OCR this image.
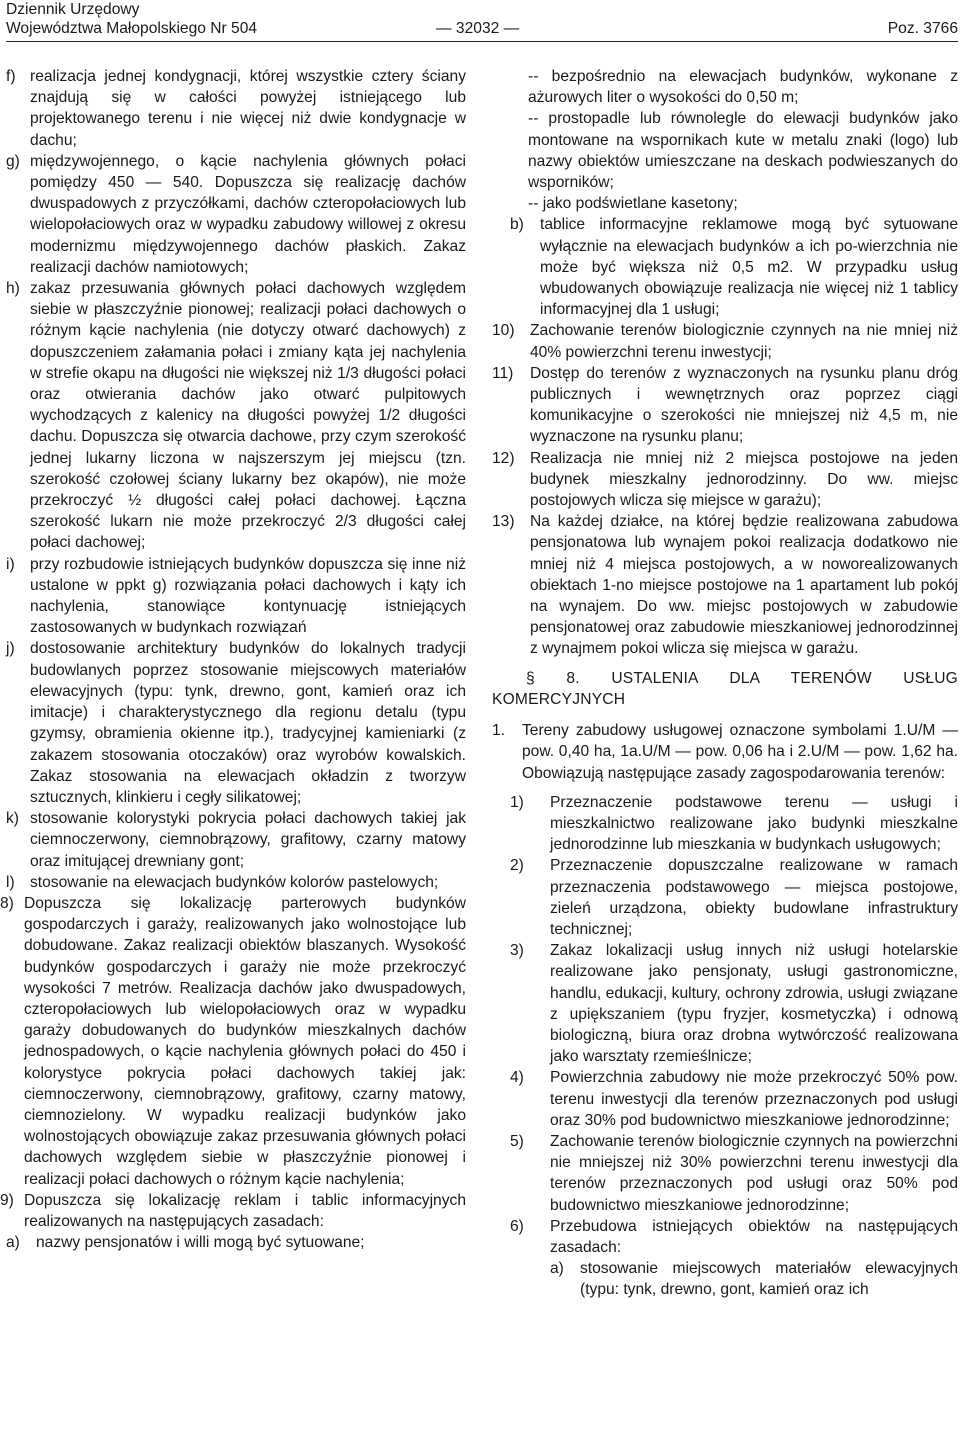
Dziennik Urzędowy
Województwa Małopolskiego Nr 504	— 32032 —	Poz. 3766
f) realizacja jednej kondygnacji, której wszystkie cztery ściany znajdują się w całości powyżej istniejącego lub projektowanego terenu i nie więcej niż dwie kondygnacje w dachu;
g) międzywojennego, o kącie nachylenia głównych połaci pomiędzy 450 — 540. Dopuszcza się realizację dachów dwuspadowych z przyczółkami, dachów czteropołaciowych lub wielopołaciowych oraz w wypadku zabudowy willowej z okresu modernizmu międzywojennego dachów płaskich. Zakaz realizacji dachów namiotowych;
h) zakaz przesuwania głównych połaci dachowych względem siebie w płaszczyźnie pionowej; realizacji połaci dachowych o różnym kącie nachylenia (nie dotyczy otwarć dachowych) z dopuszczeniem załamania połaci i zmiany kąta jej nachylenia w strefie okapu na długości nie większej niż 1/3 długości połaci oraz otwierania dachów jako otwarć pulpitowych wychodzących z kalenicy na długości powyżej 1/2 długości dachu. Dopuszcza się otwarcia dachowe, przy czym szerokość jednej lukarny liczona w najszerszym jej miejscu (tzn. szerokość czołowej ściany lukarny bez okapów), nie może przekroczyć ½ długości całej połaci dachowej. Łączna szerokość lukarn nie może przekroczyć 2/3 długości całej połaci dachowej;
i) przy rozbudowie istniejących budynków dopuszcza się inne niż ustalone w ppkt g) rozwiązania połaci dachowych i kąty ich nachylenia, stanowiące kontynuację istniejących zastosowanych w budynkach rozwiązań
j) dostosowanie architektury budynków do lokalnych tradycji budowlanych poprzez stosowanie miejscowych materiałów elewacyjnych (typu: tynk, drewno, gont, kamień oraz ich imitacje) i charakterystycznego dla regionu detalu (typu gzymsy, obramienia okienne itp.), tradycyjnej kamieniarki (z zakazem stosowania otoczaków) oraz wyrobów kowalskich. Zakaz stosowania na elewacjach okładzin z tworzyw sztucznych, klinkieru i cegły silikatowej;
k) stosowanie kolorystyki pokrycia połaci dachowych takiej jak ciemnoczerwony, ciemnobrązowy, grafitowy, czarny matowy oraz imitującej drewniany gont;
l) stosowanie na elewacjach budynków kolorów pastelowych;
8) Dopuszcza się lokalizację parterowych budynków gospodarczych i garaży, realizowanych jako wolnostojące lub dobudowane. Zakaz realizacji obiektów blaszanych. Wysokość budynków gospodarczych i garaży nie może przekroczyć wysokości 7 metrów. Realizacja dachów jako dwuspadowych, czteropołaciowych lub wielopołaciowych oraz w wypadku garaży dobudowanych do budynków mieszkalnych dachów jednospadowych, o kącie nachylenia głównych połaci do 450 i kolorystyce pokrycia połaci dachowych takiej jak: ciemnoczerwony, ciemnobrązowy, grafitowy, czarny matowy, ciemnozielony. W wypadku realizacji budynków jako wolnostojących obowiązuje zakaz przesuwania głównych połaci dachowych względem siebie w płaszczyźnie pionowej i realizacji połaci dachowych o różnym kącie nachylenia;
9) Dopuszcza się lokalizację reklam i tablic informacyjnych realizowanych na następujących zasadach:
a)	nazwy pensjonatów i willi mogą być sytuowane;
-- bezpośrednio na elewacjach budynków, wykonane z ażurowych liter o wysokości do 0,50 m;
-- prostopadle lub równolegle do elewacji budynków jako montowane na wspornikach kute w metalu znaki (logo) lub nazwy obiektów umieszczane na deskach podwieszanych do wsporników;
-- jako podświetlane kasetony;
b)	tablice informacyjne reklamowe mogą być sytuowane wyłącznie na elewacjach budynków a ich po-wierzchnia nie może być większa niż 0,5 m2. W przypadku usług wbudowanych obowiązuje realizacja nie więcej niż 1 tablicy informacyjnej dla 1 usługi;
10) Zachowanie terenów biologicznie czynnych na nie mniej niż 40% powierzchni terenu inwestycji;
11)	Dostęp do terenów z wyznaczonych na rysunku planu dróg publicznych i wewnętrznych oraz poprzez ciągi komunikacyjne o szerokości nie mniejszej niż 4,5 m, nie wyznaczone na rysunku planu;
12) Realizacja nie mniej niż 2 miejsca postojowe na jeden budynek mieszkalny jednorodzinny. Do ww. miejsc postojowych wlicza się miejsce w garażu);
13) Na każdej działce, na której będzie realizowana zabudowa pensjonatowa lub wynajem pokoi realizacja dodatkowo nie mniej niż 4 miejsca postojowych, a w noworealizowanych obiektach 1-no miejsce postojowe na 1 apartament lub pokój na wynajem. Do ww. miejsc postojowych w zabudowie pensjonatowej oraz zabudowie mieszkaniowej jednorodzinnej z wynajmem pokoi wlicza się miejsca w garażu.
§ 8. USTALENIA DLA TERENÓW USŁUG KOMERCYJNYCH
1.	Tereny zabudowy usługowej oznaczone symbolami 1.U/M — pow. 0,40 ha, 1a.U/M — pow. 0,06 ha i 2.U/M — pow. 1,62 ha. Obowiązują następujące zasady zagospodarowania terenów:
1)	Przeznaczenie podstawowe terenu — usługi i mieszkalnictwo realizowane jako budynki mieszkalne jednorodzinne lub mieszkania w budynkach usługowych;
2)	Przeznaczenie dopuszczalne realizowane w ramach przeznaczenia podstawowego — miejsca postojowe, zieleń urządzona, obiekty budowlane infrastruktury technicznej;
3)	Zakaz lokalizacji usług innych niż usługi hotelarskie realizowane jako pensjonaty, usługi gastronomiczne, handlu, edukacji, kultury, ochrony zdrowia, usługi związane z upiększaniem (typu fryzjer, kosmetyczka) i odnową biologiczną, biura oraz drobna wytwórczość realizowana jako warsztaty rzemieślnicze;
4)	Powierzchnia zabudowy nie może przekroczyć 50% pow. terenu inwestycji dla terenów przeznaczonych pod usługi oraz 30% pod budownictwo mieszkaniowe jednorodzinne;
5)	Zachowanie terenów biologicznie czynnych na powierzchni nie mniejszej niż 30% powierzchni terenu inwestycji dla terenów przeznaczonych pod usługi oraz 50% pod budownictwo mieszkaniowe jednorodzinne;
6)	Przebudowa istniejących obiektów na następujących zasadach:
a)	stosowanie miejscowych materiałów elewacyjnych (typu: tynk, drewno, gont, kamień oraz ich
